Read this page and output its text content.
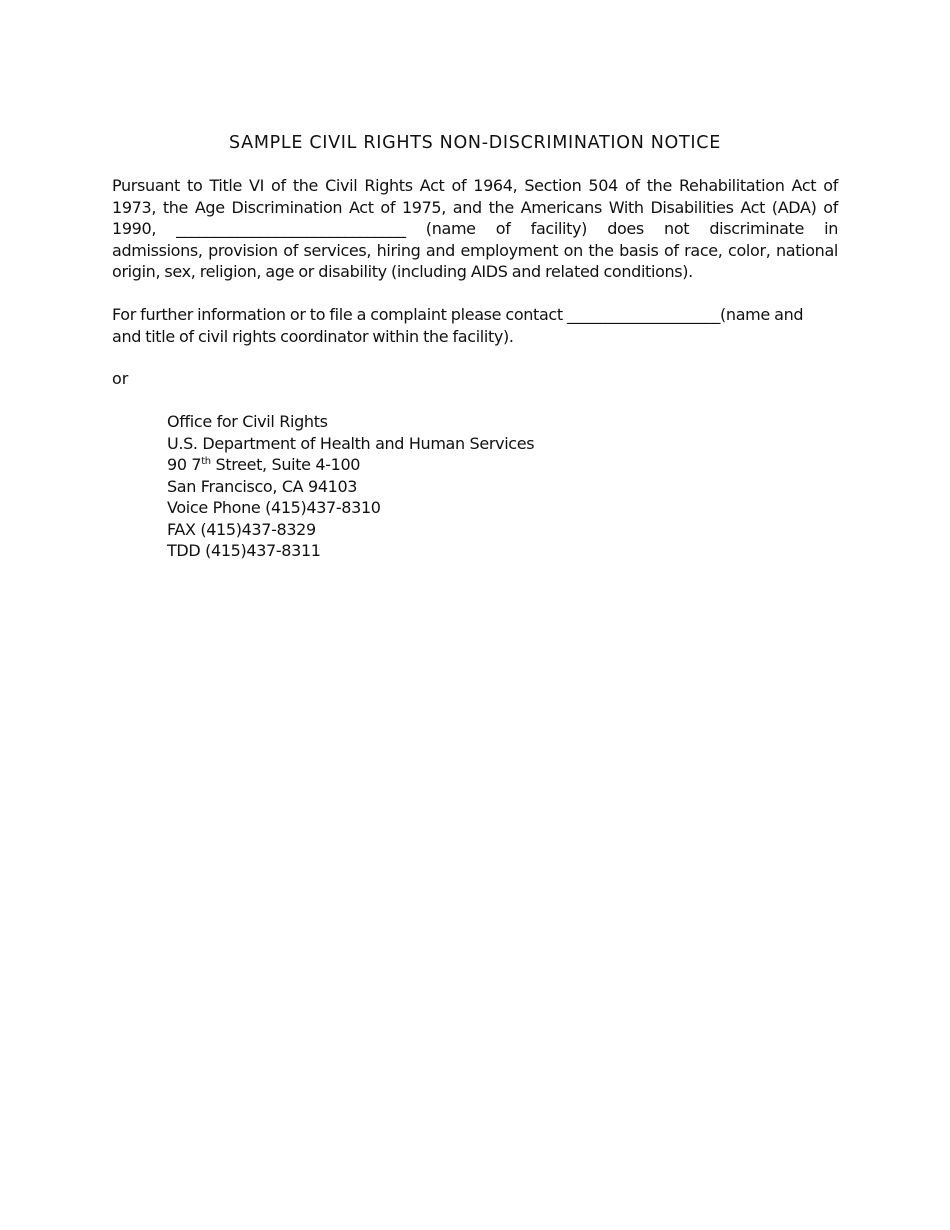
SAMPLE CIVIL RIGHTS NON-DISCRIMINATION NOTICE
Pursuant to Title VI of the Civil Rights Act of 1964, Section 504 of the Rehabilitation Act of
1973, the Age Discrimination Act of 1975, and the Americans With Disabilities Act (ADA) of
1990, ______________________________ (name of facility) does not discriminate in
admissions, provision of services, hiring and employment on the basis of race, color, national
origin, sex, religion, age or disability (including AIDS and related conditions).
For further information or to file a complaint please contact ____________________(name and
and title of civil rights coordinator within the facility).
or
Office for Civil Rights
U.S. Department of Health and Human Services
90 7th Street, Suite 4-100
San Francisco, CA 94103
Voice Phone (415)437-8310
FAX (415)437-8329
TDD (415)437-8311
